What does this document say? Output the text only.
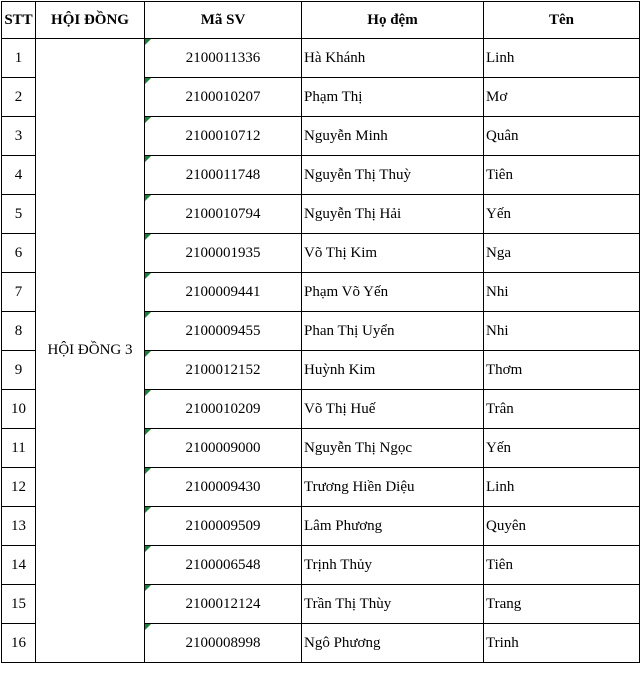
STT	HỘI ĐỒNG	Mã SV	Họ đệm	Tên
1	HỘI ĐỒNG 3	2100011336	Hà Khánh	Linh
2		2100010207	Phạm Thị	Mơ
3		2100010712	Nguyễn Minh	Quân
4		2100011748	Nguyễn Thị Thuỳ	Tiên
5		2100010794	Nguyễn Thị Hải	Yến
6		2100001935	Võ Thị Kim	Nga
7		2100009441	Phạm Võ Yến	Nhi
8		2100009455	Phan Thị Uyển	Nhi
9		2100012152	Huỳnh Kim	Thơm
10		2100010209	Võ Thị Huế	Trân
11		2100009000	Nguyễn Thị Ngọc	Yến
12		2100009430	Trương Hiền Diệu	Linh
13		2100009509	Lâm Phương	Quyên
14		2100006548	Trịnh Thủy	Tiên
15		2100012124	Trần Thị Thùy	Trang
16		2100008998	Ngô Phương	Trinh
